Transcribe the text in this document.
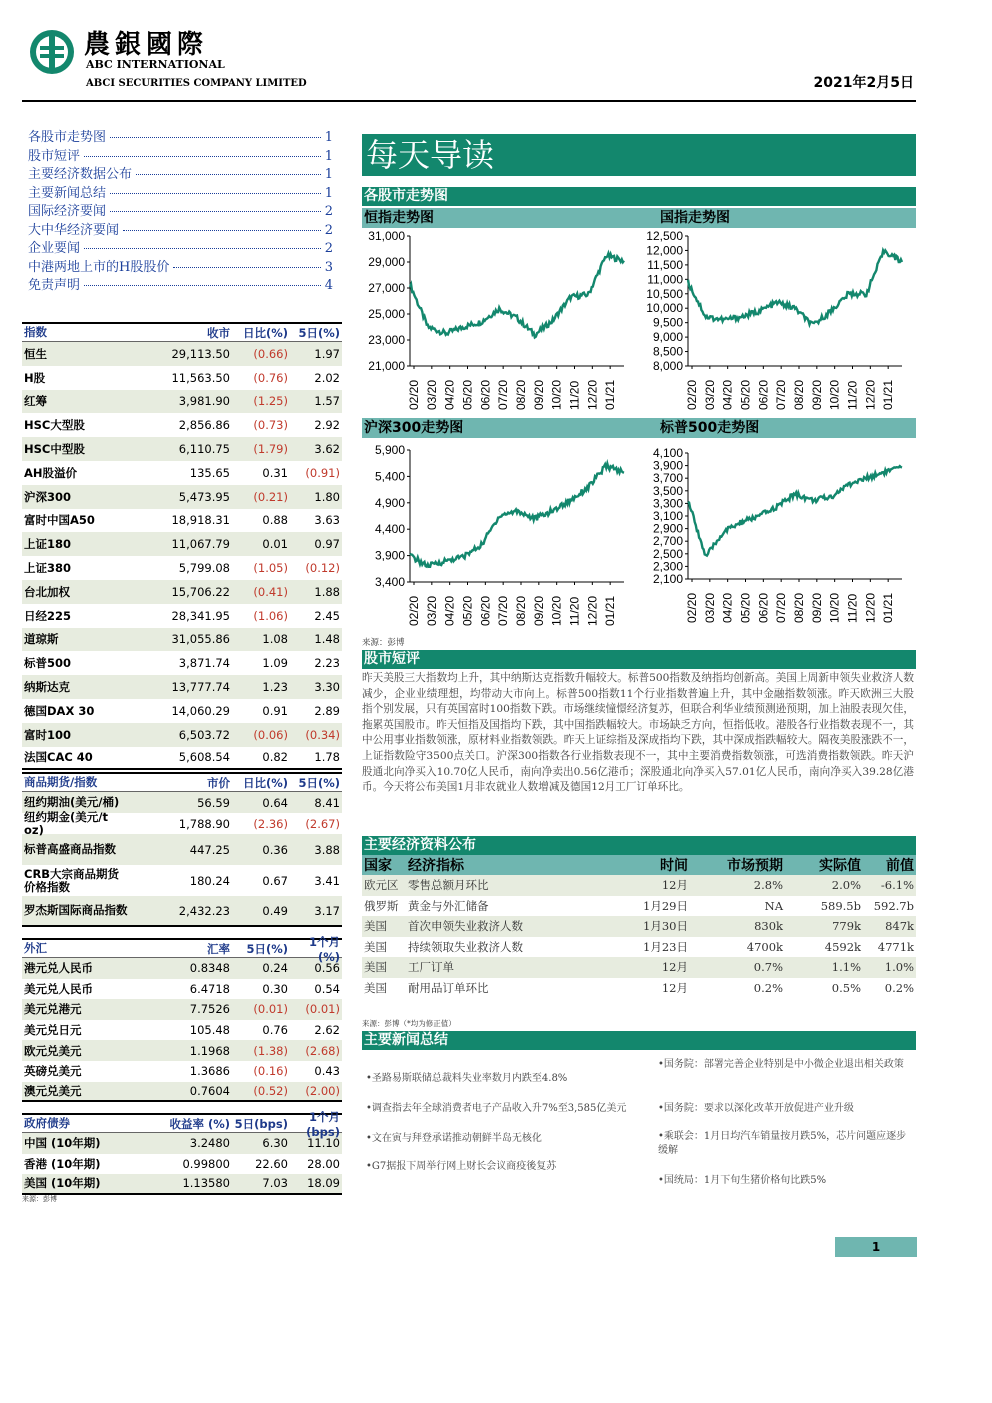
農銀國際
ABC INTERNATIONAL
ABCI SECURITIES COMPANY LIMITED	2021年2月5日
各股市走势图	1
股市短评	1
主要经济数据公布	1
主要新闻总结	1
国际经济要闻	2
大中华经济要闻	2
企业要闻	2
中港两地上市的H股股价	3
免责声明	4
指数	收市	日比(%) 5日(%)
恒生	29,113.50	(0.66)	1.97
H股	11,563.50	(0.76)	2.02
红筹	3,981.90	(1.25)	1.57
HSC大型股	2,856.86	(0.73)	2.92
HSC中型股	6,110.75	(1.79)	3.62
AH股溢价	135.65	0.31	(0.91)
沪深300	5,473.95	(0.21)	1.80
富时中国A50	18,918.31	0.88	3.63
上证180	11,067.79	0.01	0.97
上证380	5,799.08	(1.05)	(0.12)
台北加权	15,706.22	(0.41)	1.88
日经225	28,341.95	(1.06)	2.45
道琼斯	31,055.86	1.08	1.48
标普500	3,871.74	1.09	2.23
纳斯达克	13,777.74	1.23	3.30
德国DAX 30	14,060.29	0.91	2.89
富时100	6,503.72	(0.06)	(0.34)
法国CAC 40	5,608.54	0.82	1.78
商品期货/指数	市价	日比(%) 5日(%)
纽约期油(美元/桶)	56.59	0.64	8.41
纽约期金(美元/t oz)	1,788.90	(2.36)	(2.67)
标普高盛商品指数	447.25	0.36	3.88
CRB大宗商品期货价格指数	180.24	0.67	3.41
罗杰斯国际商品指数	2,432.23	0.49	3.17
外汇	汇率	5日(%)	1个月(%)
港元兑人民币	0.8348	0.24	0.56
美元兑人民币	6.4718	0.30	0.54
美元兑港元	7.7526	(0.01)	(0.01)
美元兑日元	105.48	0.76	2.62
欧元兑美元	1.1968	(1.38)	(2.68)
英磅兑美元	1.3686	(0.16)	0.43
澳元兑美元	0.7604	(0.52)	(2.00)
政府债券	收益率 (%) 5日(bps)	1个月(bps)
中国 (10年期)	3.2480	6.30	11.10
香港 (10年期)	0.99800	22.60	28.00
美国 (10年期)	1.13580	7.03	18.09
来源：彭博
每天导读
各股市走势图
恒指走势图	国指走势图
沪深300走势图	标普500走势图
31,000
29,000
27,000
25,000
23,000
21,000
02/20 03/20 04/20 05/20 06/20 07/20 08/20 09/20 10/20 11/20 12/20 01/21
12,500
12,000
11,500
11,000
10,500
10,000
9,500
9,000
8,500
8,000
02/20 03/20 04/20 05/20 06/20 07/20 08/20 09/20 10/20 11/20 12/20 01/21
5,900
5,400
4,900
4,400
3,900
3,400
02/20 03/20 04/20 05/20 06/20 07/20 08/20 09/20 10/20 11/20 12/20 01/21
4,100
3,900
3,700
3,500
3,300
3,100
2,900
2,700
2,500
2,300
2,100
02/20 03/20 04/20 05/20 06/20 07/20 08/20 09/20 10/20 11/20 12/20 01/21
来源：彭博
股市短评
昨天美股三大指数均上升，其中纳斯达克指数升幅较大。标普500指数及纳指均创新高。美国上周新申领失业救济人数减少，企业业绩理想，均带动大市向上。标普500指数11个行业指数普遍上升，其中金融指数领涨。昨天欧洲三大股指个别发展，只有英国富时100指数下跌。市场继续憧憬经济复苏，但联合利华业绩预测逊预期，加上油股表现欠佳，拖累英国股市。昨天恒指及国指均下跌，其中国指跌幅较大。市场缺乏方向，恒指低收。港股各行业指数表现不一，其中公用事业指数领涨，原材料业指数领跌。昨天上证综指及深成指均下跌，其中深成指跌幅较大。隔夜美股涨跌不一，上证指数险守3500点关口。沪深300指数各行业指数表现不一，其中主要消费指数领涨，可选消费指数领跌。昨天沪股通北向净买入10.70亿人民币，南向净卖出0.56亿港币；深股通北向净买入57.01亿人民币，南向净买入39.28亿港币。今天将公布美国1月非农就业人数增减及德国12月工厂订单环比。
主要经济资料公布
国家	经济指标	时间	市场预期	实际值	前值
欧元区 零售总额月环比	12月	2.8%	2.0%	-6.1%
俄罗斯 黄金与外汇储备	1月29日	NA	589.5b	592.7b
美国	首次申领失业救济人数	1月30日	830k	779k	847k
美国	持续领取失业救济人数	1月23日	4700k	4592k	4771k
美国	工厂订单	12月	0.7%	1.1%	1.0%
美国	耐用品订单环比	12月	0.2%	0.5%	0.2%
来源：彭博（*均为修正值）
主要新闻总结
•圣路易斯联储总裁料失业率数月内跌至4.8%
•调查指去年全球消费者电子产品收入升7%至3,585亿美元
•文在寅与拜登承诺推动朝鲜半岛无核化
•G7据报下周举行网上财长会议商疫後复苏
•国务院：部署完善企业特别是中小微企业退出相关政策
•国务院：要求以深化改革开放促进产业升级
•乘联会：1月日均汽车销量按月跌5%，芯片问题应逐步缓解
•国统局：1月下旬生猪价格旬比跌5%
1
